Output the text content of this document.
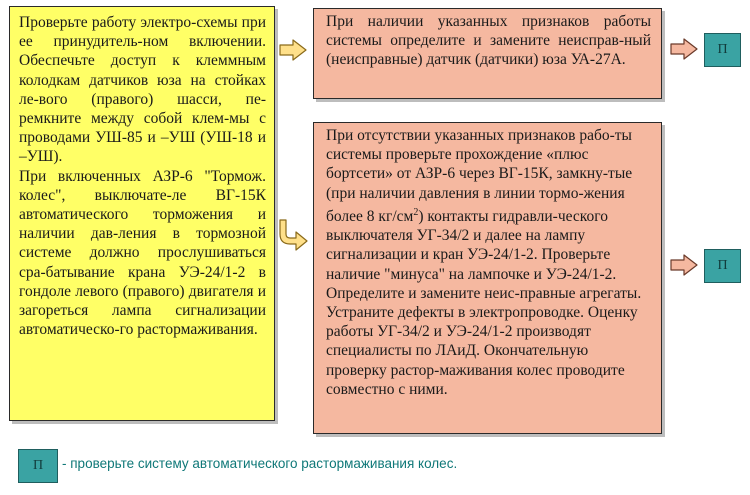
Проверьте работу электро-схемы при ее принудитель-ном включении. Обеспечьте доступ к клеммным колодкам датчиков юза на стойках ле-вого (правого) шасси, пе-ремкните между собой клем-мы с проводами УШ-85 и –УШ (УШ-18 и –УШ).

При включенных АЗР-6 "Тормож. колес", выключате-ле ВГ-15К автоматического торможения и наличии дав-ления в тормозной системе должно прослушиваться сра-батывание крана УЭ-24/1-2 в гондоле левого (правого) двигателя и загореться лампа сигнализации автоматическо-го растормаживания.

При наличии указанных признаков работы системы определите и замените неиспрaв-ный (неисправные) датчик (датчики) юза УА-27А.

При отсутствии указанных признаков рабо-ты системы проверьте прохождение «плюс бортсети» от АЗР-6 через ВГ-15К, замкну-тые (при наличии давления в линии тормо-жения более 8 $кг/см^2$) контакты гидравли-ческого выключателя УГ-34/2 и далее на лампу сигнализации и кран УЭ-24/1-2. Проверьте наличие "минуса" на лампочке и УЭ-24/1-2. Определите и замените неис-правные агрегаты. Устраните дефекты в электропроводке. Оценку работы УГ-34/2 и УЭ-24/1-2 производят специалисты по ЛАиД. Окончательную проверку растор-маживания колес проводите совместно с ними.

П
П
П	- проверьте систему автоматического растормаживания колес.
